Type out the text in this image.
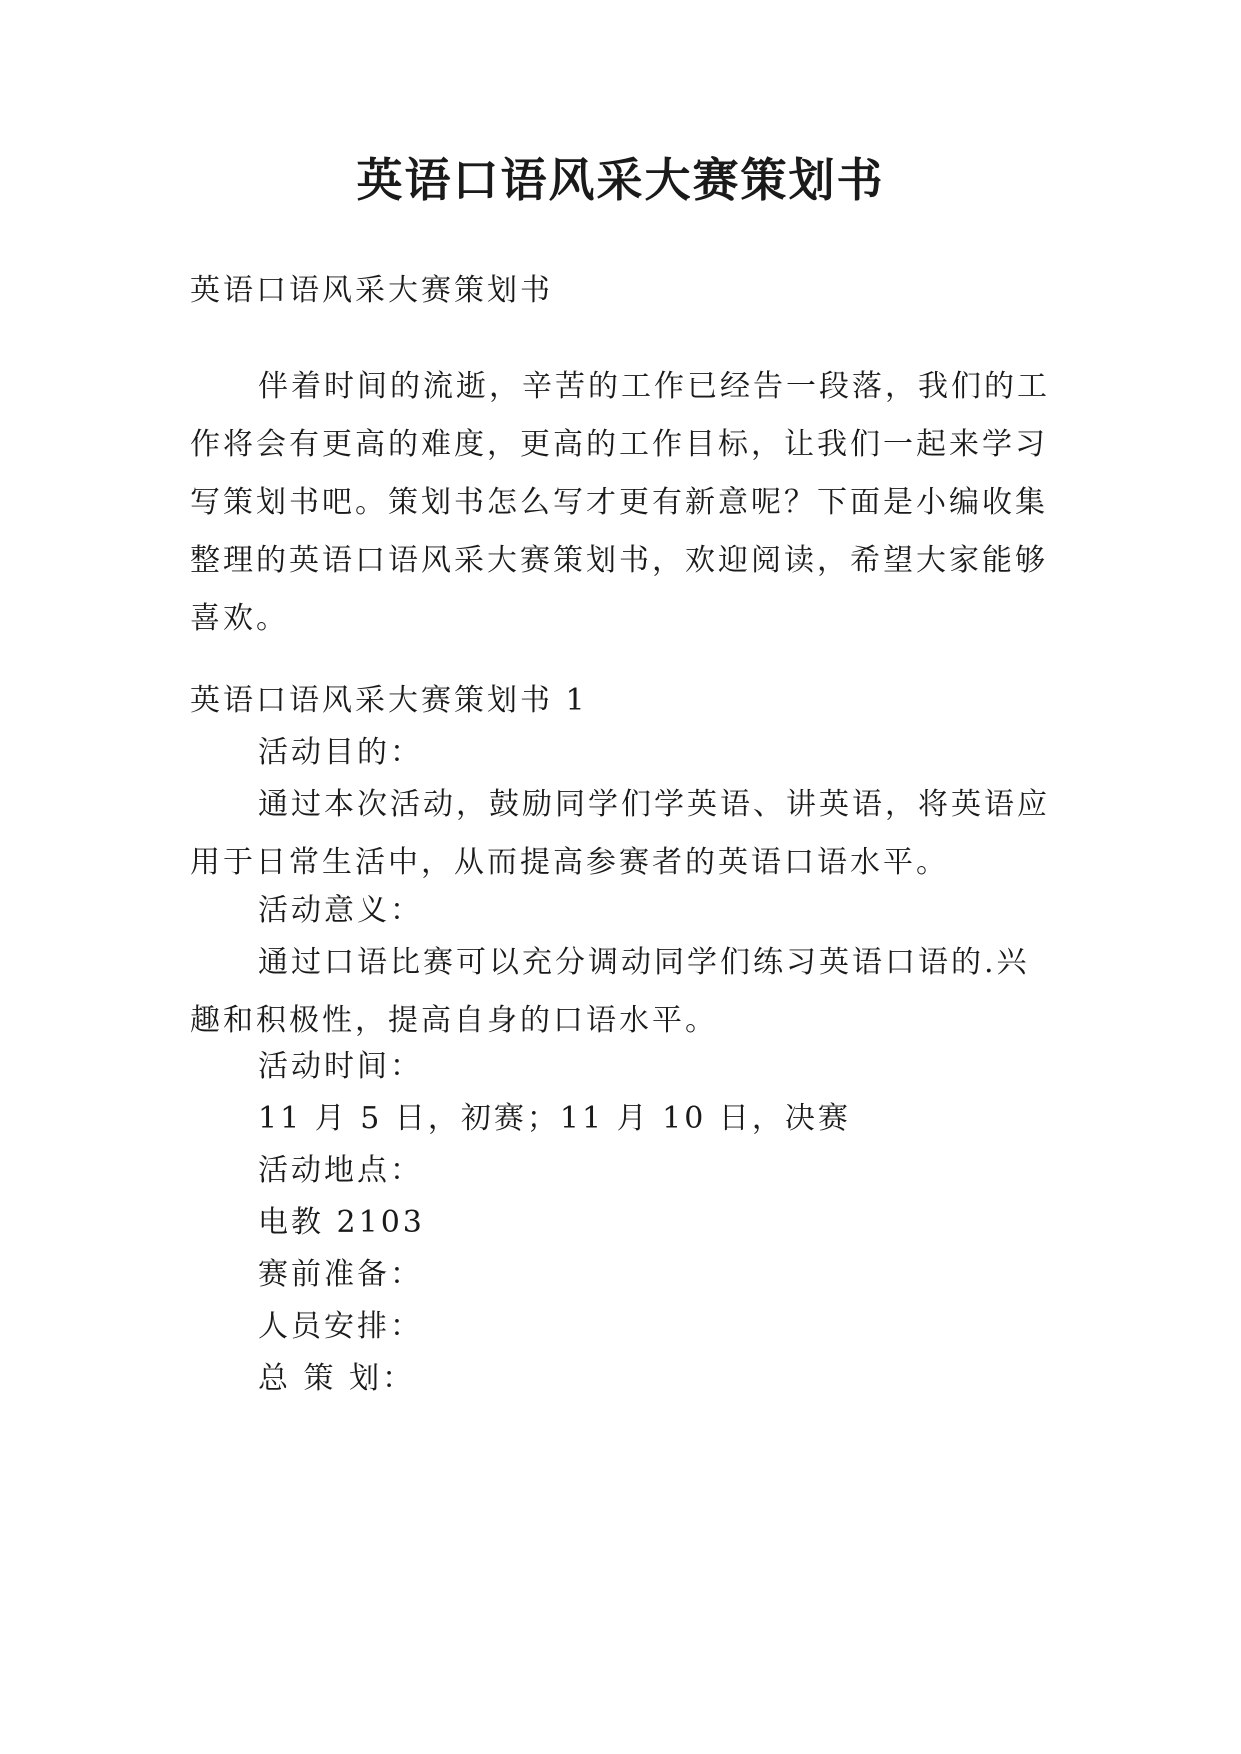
英语口语风采大赛策划书

英语口语风采大赛策划书

伴着时间的流逝，辛苦的工作已经告一段落，我们的工作将会有更高的难度，更高的工作目标，让我们一起来学习写策划书吧。策划书怎么写才更有新意呢？下面是小编收集整理的英语口语风采大赛策划书，欢迎阅读，希望大家能够喜欢。

英语口语风采大赛策划书 1

活动目的：

通过本次活动，鼓励同学们学英语、讲英语，将英语应用于日常生活中，从而提高参赛者的英语口语水平。

活动意义：

通过口语比赛可以充分调动同学们练习英语口语的.兴趣和积极性，提高自身的口语水平。

活动时间：

11 月 5 日，初赛；11 月 10 日，决赛

活动地点：

电教 2103

赛前准备：

人员安排：

总 策 划：
